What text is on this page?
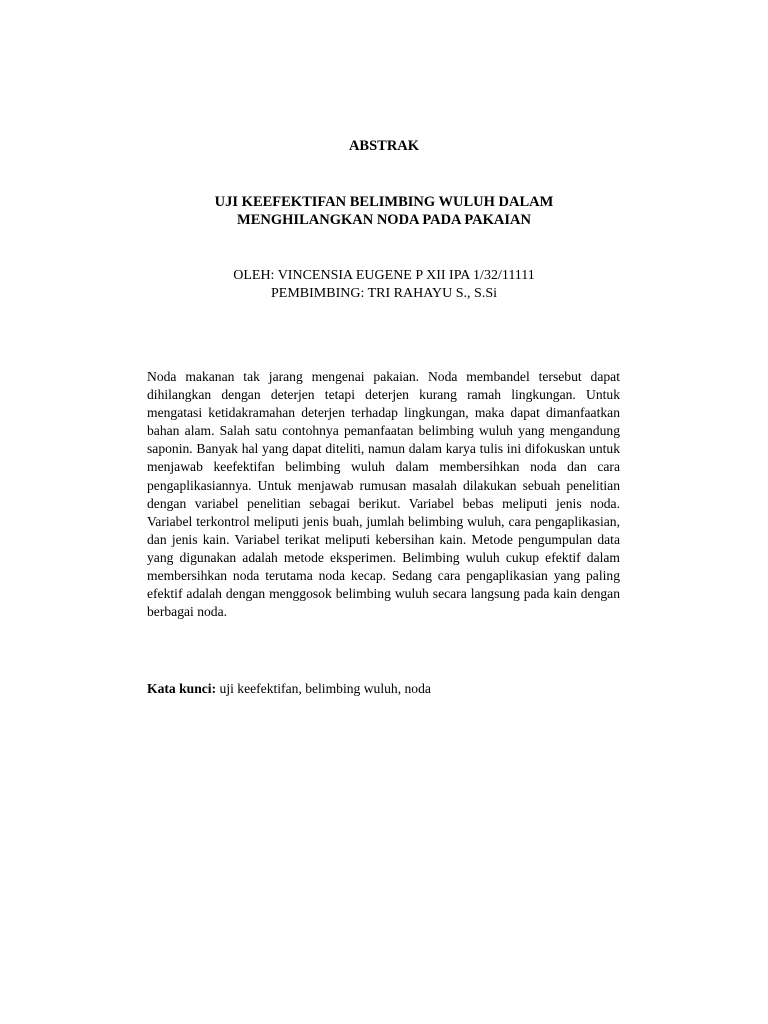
ABSTRAK

UJI KEEFEKTIFAN BELIMBING WULUH DALAM

MENGHILANGKAN NODA PADA PAKAIAN

OLEH: VINCENSIA EUGENE P XII IPA 1/32/11111

PEMBIMBING: TRI RAHAYU S., S.Si

Noda makanan tak jarang mengenai pakaian. Noda membandel tersebut dapat dihilangkan dengan deterjen tetapi deterjen kurang ramah lingkungan. Untuk mengatasi ketidakramahan deterjen terhadap lingkungan, maka dapat dimanfaatkan bahan alam. Salah satu contohnya pemanfaatan belimbing wuluh yang mengandung saponin. Banyak hal yang dapat diteliti, namun dalam karya tulis ini difokuskan untuk menjawab keefektifan belimbing wuluh dalam membersihkan noda dan cara pengaplikasiannya. Untuk menjawab rumusan masalah dilakukan sebuah penelitian dengan variabel penelitian sebagai berikut. Variabel bebas meliputi jenis noda. Variabel terkontrol meliputi jenis buah, jumlah belimbing wuluh, cara pengaplikasian, dan jenis kain. Variabel terikat meliputi kebersihan kain. Metode pengumpulan data yang digunakan adalah metode eksperimen. Belimbing wuluh cukup efektif dalam membersihkan noda terutama noda kecap. Sedang cara pengaplikasian yang paling efektif adalah dengan menggosok belimbing wuluh secara langsung pada kain dengan berbagai noda.

Kata kunci: uji keefektifan, belimbing wuluh, noda
